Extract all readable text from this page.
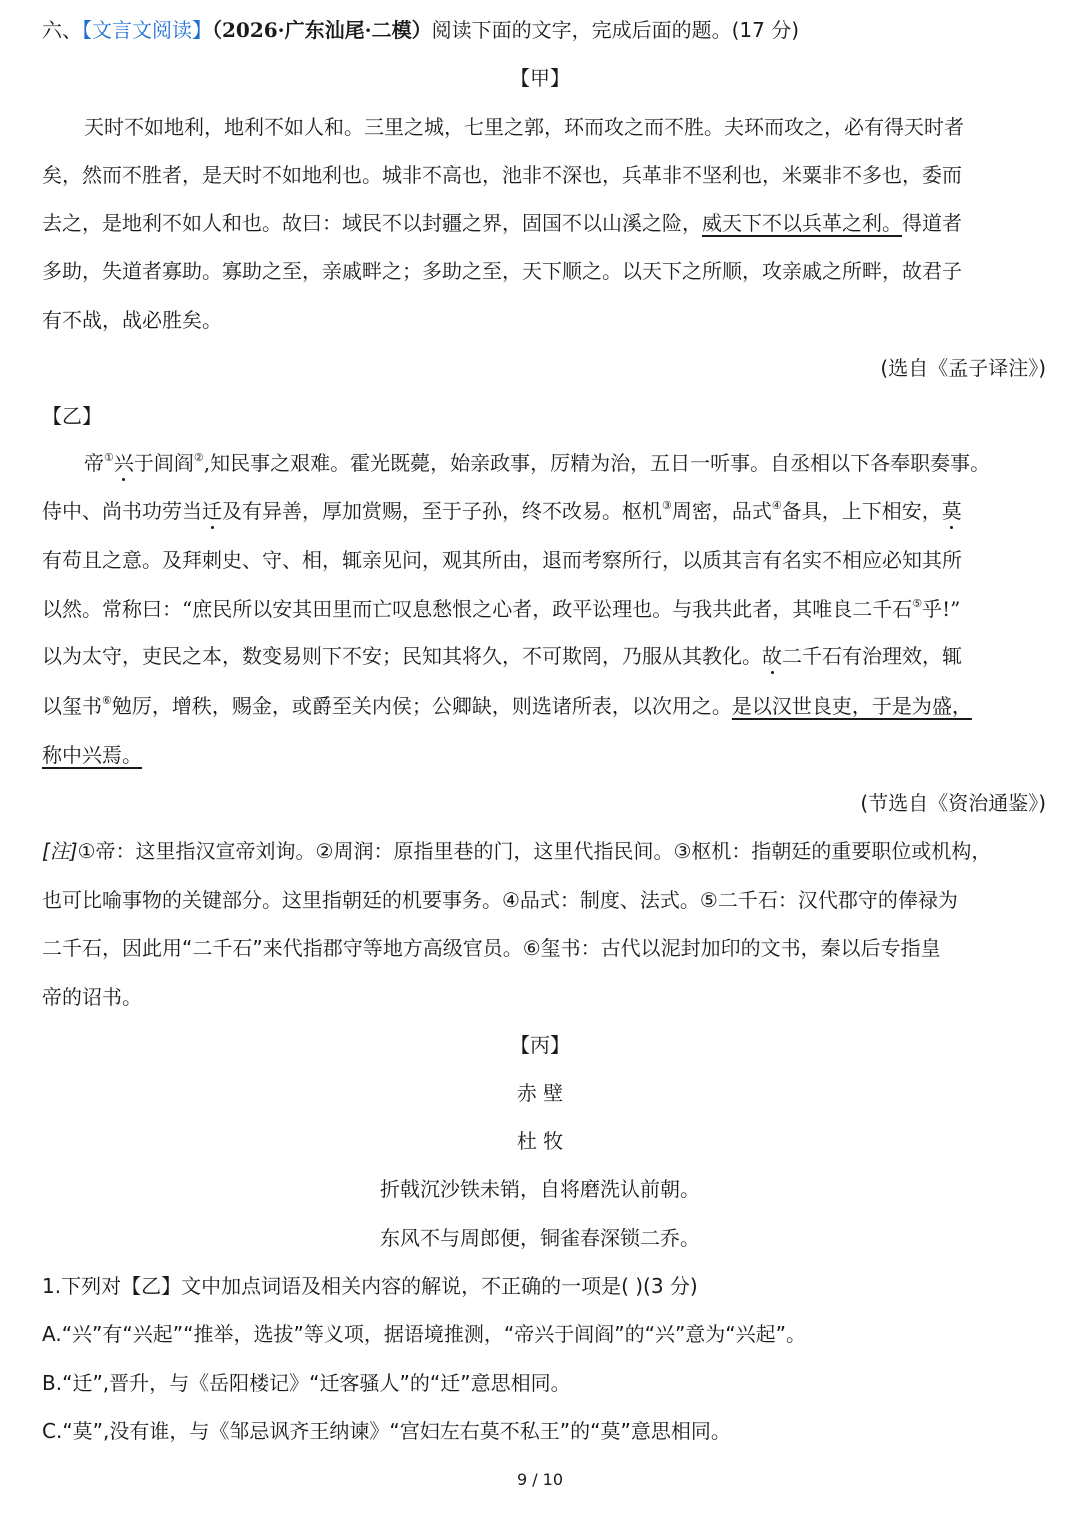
六、【文言文阅读】（2026·广东汕尾·二模）阅读下面的文字，完成后面的题。(17 分)
【甲】
天时不如地利，地利不如人和。三里之城，七里之郭，环而攻之而不胜。夫环而攻之，必有得天时者
矣，然而不胜者，是天时不如地利也。城非不高也，池非不深也，兵革非不坚利也，米粟非不多也，委而
去之，是地利不如人和也。故曰：域民不以封疆之界，固国不以山溪之险，威天下不以兵革之利。得道者
多助，失道者寡助。寡助之至，亲戚畔之；多助之至，天下顺之。以天下之所顺，攻亲戚之所畔，故君子
有不战，战必胜矣。
(选自《孟子译注》)
【乙】
帝①兴于闾阎②,知民事之艰难。霍光既薨，始亲政事，厉精为治，五日一听事。自丞相以下各奉职奏事。
侍中、尚书功劳当迁及有异善，厚加赏赐，至于子孙，终不改易。枢机③周密，品式④备具，上下相安，莫
有苟且之意。及拜刺史、守、相，辄亲见问，观其所由，退而考察所行，以质其言有名实不相应必知其所
以然。常称曰：“庶民所以安其田里而亡叹息愁恨之心者，政平讼理也。与我共此者，其唯良二千石⑤乎!”
以为太守，吏民之本，数变易则下不安；民知其将久，不可欺罔，乃服从其教化。故二千石有治理效，辄
以玺书⑥勉厉，增秩，赐金，或爵至关内侯；公卿缺，则选诸所表，以次用之。是以汉世良吏，于是为盛，
称中兴焉。
(节选自《资治通鉴》)
[注]①帝：这里指汉宣帝刘询。②周润：原指里巷的门，这里代指民间。③枢机：指朝廷的重要职位或机构，
也可比喻事物的关键部分。这里指朝廷的机要事务。④品式：制度、法式。⑤二千石：汉代郡守的俸禄为
二千石，因此用“二千石”来代指郡守等地方高级官员。⑥玺书：古代以泥封加印的文书，秦以后专指皇
帝的诏书。
【丙】
赤 壁
杜 牧
折戟沉沙铁未销，自将磨洗认前朝。
东风不与周郎便，铜雀春深锁二乔。
1.下列对【乙】文中加点词语及相关内容的解说，不正确的一项是( )(3 分)
A.“兴”有“兴起”“推举，选拔”等义项，据语境推测，“帝兴于闾阎”的“兴”意为“兴起”。
B.“迁”,晋升，与《岳阳楼记》“迁客骚人”的“迁”意思相同。
C.“莫”,没有谁，与《邹忌讽齐王纳谏》“宫妇左右莫不私王”的“莫”意思相同。
9 / 10
